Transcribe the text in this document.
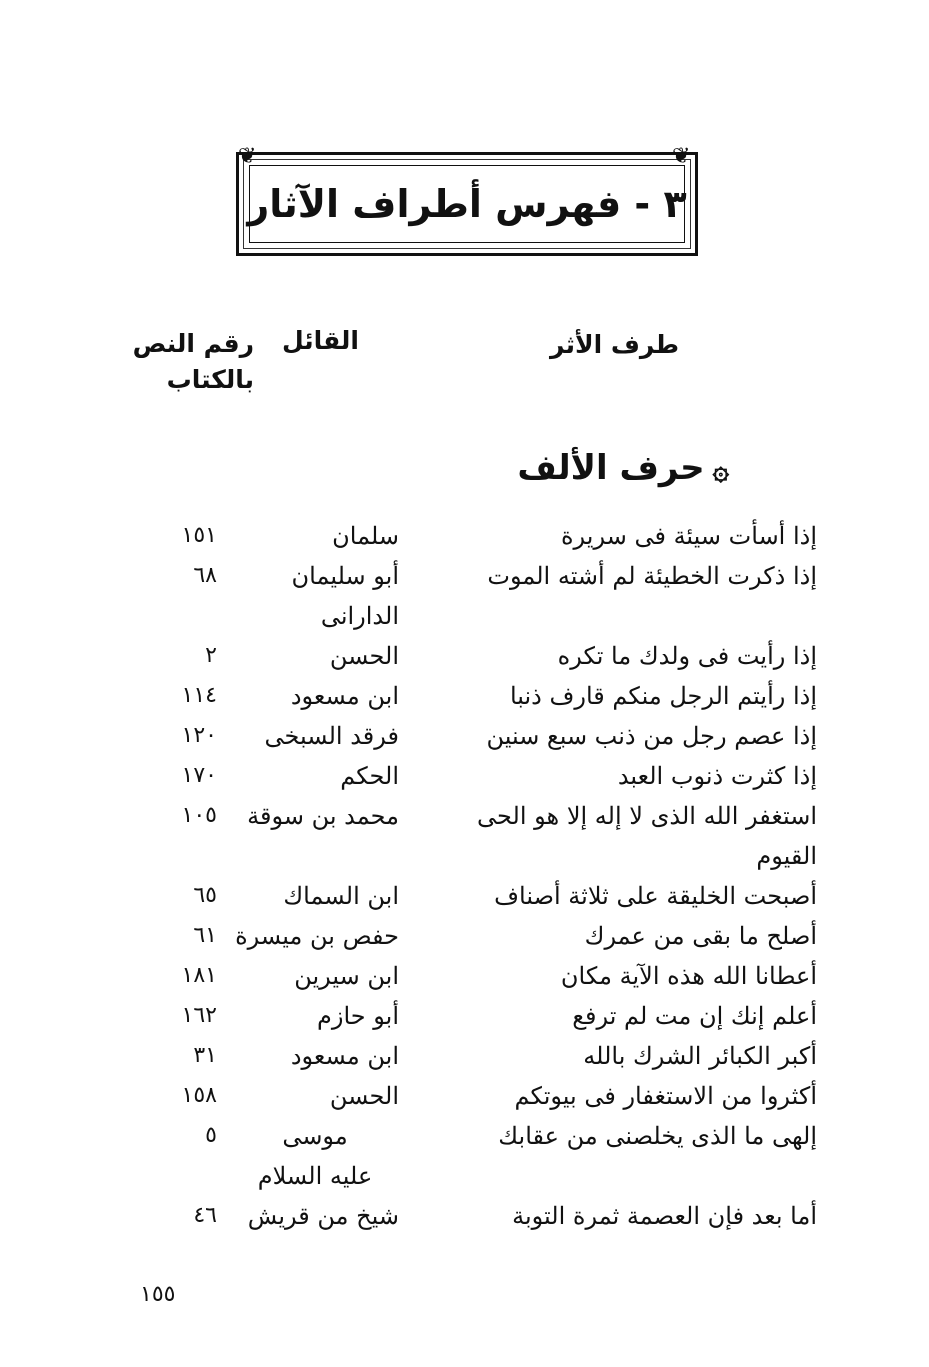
❦	❦
٣ - فهرس أطراف الآثار
طرف الأثر
القائل
رقم النص
بالكتاب
۞حرف الألف
إذا أسأت سيئة فى سريرة
سلمان
١٥١
إذا ذكرت الخطيئة لم أشته الموت
أبو سليمان
الدارانى
٦٨
إذا رأيت فى ولدك ما تكره
الحسن
٢
إذا رأيتم الرجل منكم قارف ذنبا
ابن مسعود
١١٤
إذا عصم رجل من ذنب سبع سنين
فرقد السبخى
١٢٠
إذا كثرت ذنوب العبد
الحكم
١٧٠
استغفر الله الذى لا إله إلا هو الحى
القيوم
محمد بن سوقة
١٠٥
أصبحت الخليقة على ثلاثة أصناف
ابن السماك
٦٥
أصلح ما بقى من عمرك
حفص بن ميسرة
٦١
أعطانا الله هذه الآية مكان
ابن سيرين
١٨١
أعلم إنك إن مت لم ترفع
أبو حازم
١٦٢
أكبر الكبائر الشرك بالله
ابن مسعود
٣١
أكثروا من الاستغفار فى بيوتكم
الحسن
١٥٨
إلهى ما الذى يخلصنى من عقابك
موسى
عليه السلام
٥
أما بعد فإن العصمة ثمرة التوبة
شيخ من قريش
٤٦
١٥٥
